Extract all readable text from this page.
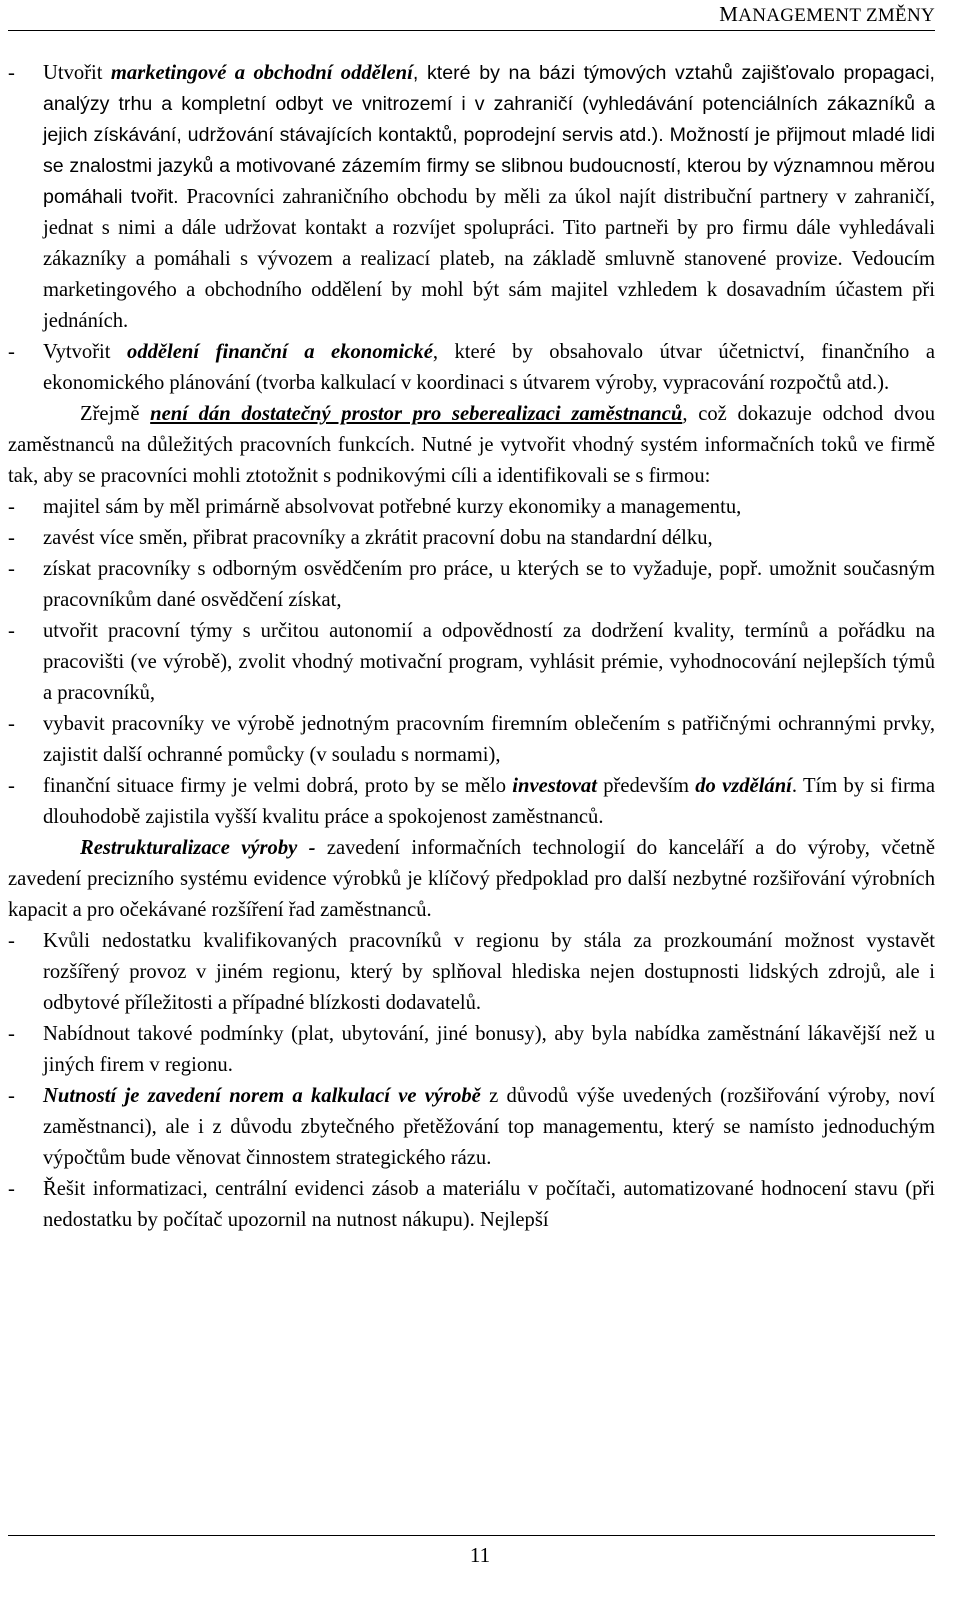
MANAGEMENT ZMĚNY
- Utvořit marketingové a obchodní oddělení, které by na bázi týmových vztahů zajišťovalo propagaci, analýzy trhu a kompletní odbyt ve vnitrozemí i v zahraničí (vyhledávání potenciálních zákazníků a jejich získávání, udržování stávajících kontaktů, poprodejní servis atd.). Možností je přijmout mladé lidi se znalostmi jazyků a motivované zázemím firmy se slibnou budoucností, kterou by významnou měrou pomáhali tvořit. Pracovníci zahraničního obchodu by měli za úkol najít distribuční partnery v zahraničí, jednat s nimi a dále udržovat kontakt a rozvíjet spolupráci. Tito partneři by pro firmu dále vyhledávali zákazníky a pomáhali s vývozem a realizací plateb, na základě smluvně stanovené provize. Vedoucím marketingového a obchodního oddělení by mohl být sám majitel vzhledem k dosavadním účastem při jednáních.
- Vytvořit oddělení finanční a ekonomické, které by obsahovalo útvar účetnictví, finančního a ekonomického plánování (tvorba kalkulací v koordinaci s útvarem výroby, vypracování rozpočtů atd.).

Zřejmě není dán dostatečný prostor pro seberealizaci zaměstnanců, což dokazuje odchod dvou zaměstnanců na důležitých pracovních funkcích. Nutné je vytvořit vhodný systém informačních toků ve firmě tak, aby se pracovníci mohli ztotožnit s podnikovými cíli a identifikovali se s firmou:

- majitel sám by měl primárně absolvovat potřebné kurzy ekonomiky a managementu,
- zavést více směn, přibrat pracovníky a zkrátit pracovní dobu na standardní délku,
- získat pracovníky s odborným osvědčením pro práce, u kterých se to vyžaduje, popř. umožnit současným pracovníkům dané osvědčení získat,
- utvořit pracovní týmy s určitou autonomií a odpovědností za dodržení kvality, termínů a pořádku na pracovišti (ve výrobě), zvolit vhodný motivační program, vyhlásit prémie, vyhodnocování nejlepších týmů a pracovníků,
- vybavit pracovníky ve výrobě jednotným pracovním firemním oblečením s patřičnými ochrannými prvky, zajistit další ochranné pomůcky (v souladu s normami),
- finanční situace firmy je velmi dobrá, proto by se mělo investovat především do vzdělání. Tím by si firma dlouhodobě zajistila vyšší kvalitu práce a spokojenost zaměstnanců.

Restrukturalizace výroby - zavedení informačních technologií do kanceláří a do výroby, včetně zavedení precizního systému evidence výrobků je klíčový předpoklad pro další nezbytné rozšiřování výrobních kapacit a pro očekávané rozšíření řad zaměstnanců.

- Kvůli nedostatku kvalifikovaných pracovníků v regionu by stála za prozkoumání možnost vystavět rozšířený provoz v jiném regionu, který by splňoval hlediska nejen dostupnosti lidských zdrojů, ale i odbytové příležitosti a případné blízkosti dodavatelů.
- Nabídnout takové podmínky (plat, ubytování, jiné bonusy), aby byla nabídka zaměstnání lákavější než u jiných firem v regionu.
- Nutností je zavedení norem a kalkulací ve výrobě z důvodů výše uvedených (rozšiřování výroby, noví zaměstnanci), ale i z důvodu zbytečného přetěžování top managementu, který se namísto jednoduchým výpočtům bude věnovat činnostem strategického rázu.
- Řešit informatizaci, centrální evidenci zásob a materiálu v počítači, automatizované hodnocení stavu (při nedostatku by počítač upozornil na nutnost nákupu). Nejlepší
11
